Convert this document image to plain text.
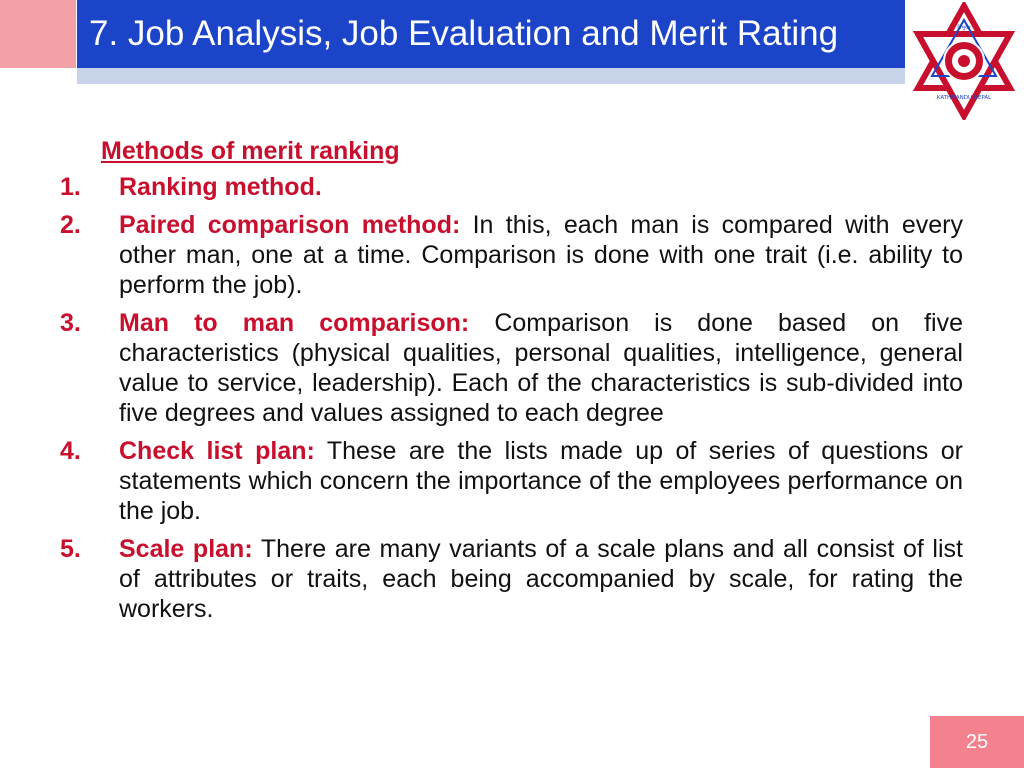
7. Job Analysis, Job Evaluation and Merit Rating	त्रिभुवन
KATHMANDU NEPAL
Methods of merit ranking
1. Ranking method.
2. Paired comparison method: In this, each man is compared with every other man, one at a time. Comparison is done with one trait (i.e. ability to perform the job).
3. Man to man comparison: Comparison is done based on five characteristics (physical qualities, personal qualities, intelligence, general value to service, leadership). Each of the characteristics is sub-divided into five degrees and values assigned to each degree
4. Check list plan: These are the lists made up of series of questions or statements which concern the importance of the employees performance on the job.
5. Scale plan: There are many variants of a scale plans and all consist of list of attributes or traits, each being accompanied by scale, for rating the workers.
25
